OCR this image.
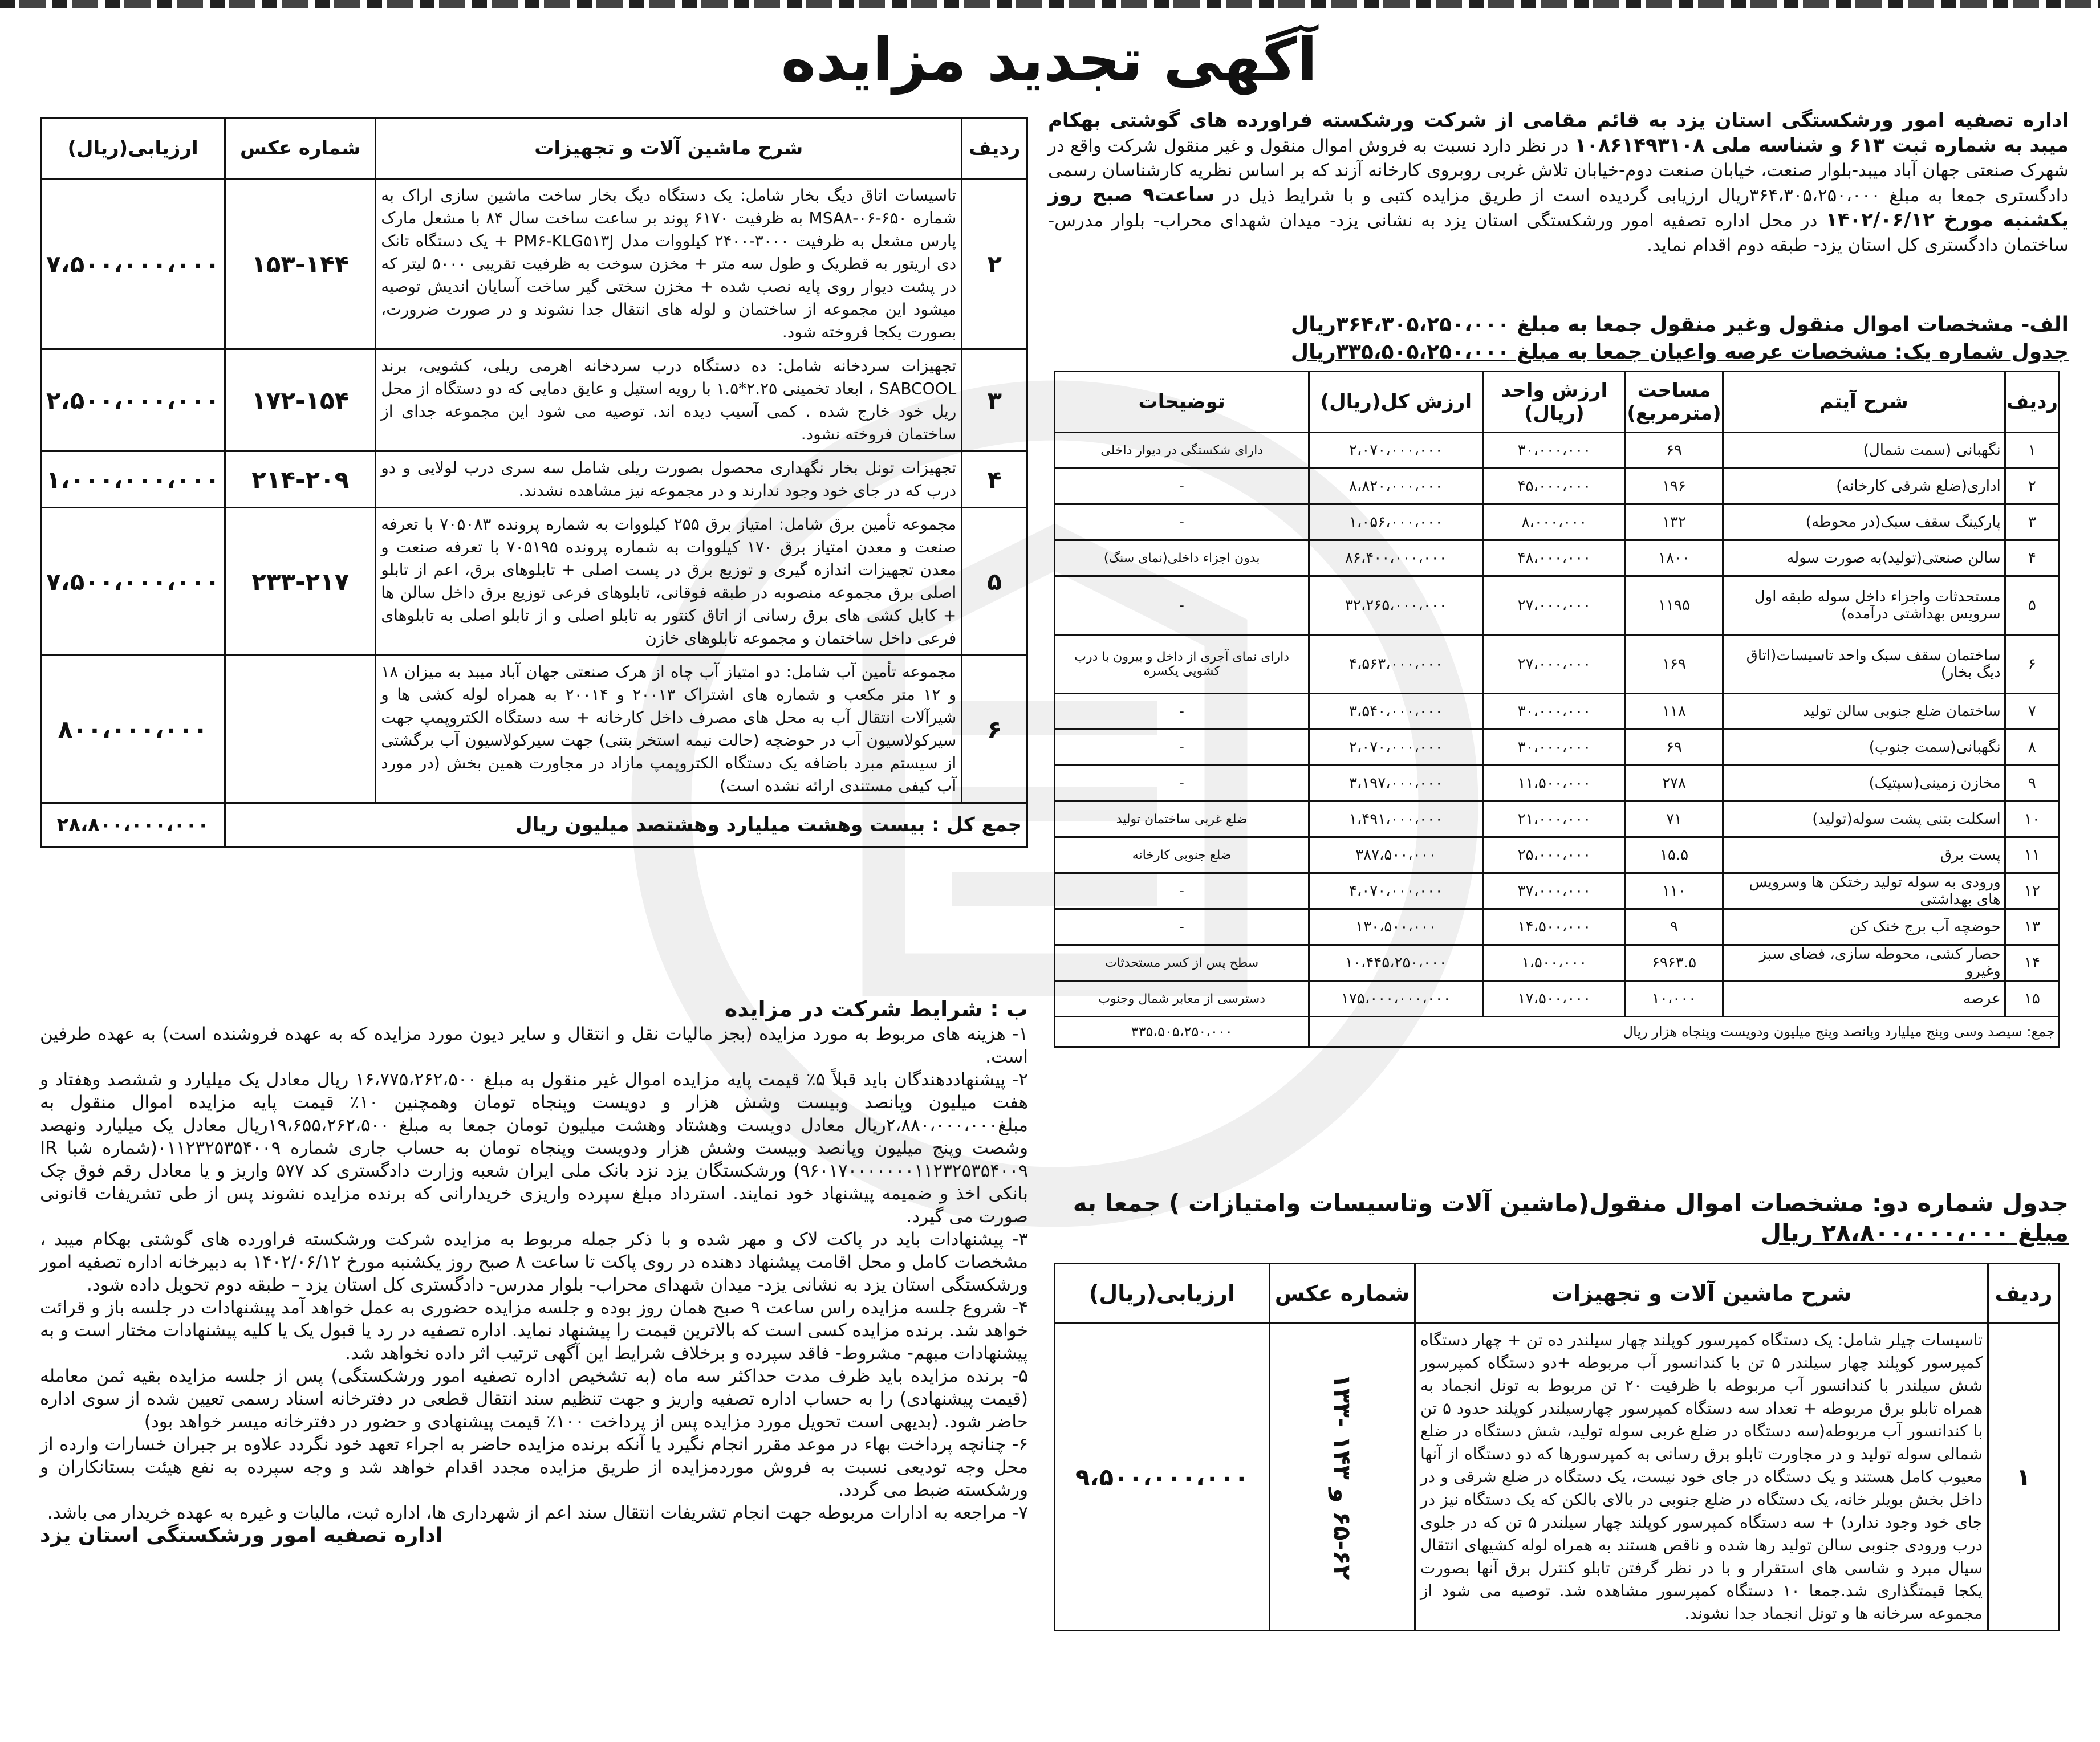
آگهی تجدید مزایده
اداره تصفیه امور ورشکستگی استان یزد به قائم مقامی از شرکت ورشکسته فراورده های گوشتی بهکام میبد به شماره ثبت ۶۱۳ و شناسه ملی ۱۰۸۶۱۴۹۳۱۰۸ در نظر دارد نسبت به فروش اموال منقول و غیر منقول شرکت واقع در شهرک صنعتی جهان آباد میبد-بلوار صنعت، خیابان صنعت دوم-خیابان تلاش غربی روبروی کارخانه آزند که بر اساس نظریه کارشناسان رسمی دادگستری جمعا به مبلغ ۳۶۴،۳۰۵،۲۵۰،۰۰۰ریال ارزیابی گردیده است از طریق مزایده کتبی و با شرایط ذیل در ساعت۹ صبح روز یکشنبه مورخ ۱۴۰۲/۰۶/۱۲ در محل اداره تصفیه امور ورشکستگی استان یزد به نشانی یزد- میدان شهدای محراب- بلوار مدرس- ساختمان دادگستری کل استان یزد- طبقه دوم اقدام نماید.
الف- مشخصات اموال منقول وغیر منقول جمعا به مبلغ ۳۶۴،۳۰۵،۲۵۰،۰۰۰ریال
جدول شماره یک: مشخصات عرصه واعیان جمعا به مبلغ ۳۳۵،۵۰۵،۲۵۰،۰۰۰ریال
ردیف	شرح آیتم	مساحت (مترمربع)	ارزش واحد (ریال)	ارزش کل(ریال)	توضیحات
۱	نگهبانی (سمت شمال)	۶۹	۳۰،۰۰۰،۰۰۰	۲،۰۷۰،۰۰۰،۰۰۰	دارای شکستگی در دیوار داخلی
۲	اداری(ضلع شرقی کارخانه)	۱۹۶	۴۵،۰۰۰،۰۰۰	۸،۸۲۰،۰۰۰،۰۰۰	-
۳	پارکینگ سقف سبک(در محوطه)	۱۳۲	۸،۰۰۰،۰۰۰	۱،۰۵۶،۰۰۰،۰۰۰	-
۴	سالن صنعتی(تولید)به صورت سوله	۱۸۰۰	۴۸،۰۰۰،۰۰۰	۸۶،۴۰۰،۰۰۰،۰۰۰	بدون اجزاء داخلی(نمای سنگ)
۵	مستحدثات واجزاء داخل سوله طبقه اول سرویس بهداشتی درآمده)	۱۱۹۵	۲۷،۰۰۰،۰۰۰	۳۲،۲۶۵،۰۰۰،۰۰۰	-
۶	ساختمان سقف سبک واحد تاسیسات(اتاق دیگ بخار)	۱۶۹	۲۷،۰۰۰،۰۰۰	۴،۵۶۳،۰۰۰،۰۰۰	دارای نمای آجری از داخل و بیرون با درب کشویی یکسره
۷	ساختمان ضلع جنوبی سالن تولید	۱۱۸	۳۰،۰۰۰،۰۰۰	۳،۵۴۰،۰۰۰،۰۰۰	-
۸	نگهبانی(سمت جنوب)	۶۹	۳۰،۰۰۰،۰۰۰	۲،۰۷۰،۰۰۰،۰۰۰	-
۹	مخازن زمینی(سپتیک)	۲۷۸	۱۱،۵۰۰،۰۰۰	۳،۱۹۷،۰۰۰،۰۰۰	-
۱۰	اسکلت بتنی پشت سوله(تولید)	۷۱	۲۱،۰۰۰،۰۰۰	۱،۴۹۱،۰۰۰،۰۰۰	ضلع غربی ساختمان تولید
۱۱	پست برق	۱۵.۵	۲۵،۰۰۰،۰۰۰	۳۸۷،۵۰۰،۰۰۰	ضلع جنوبی کارخانه
۱۲	ورودی به سوله تولید رختکن ها وسرویس های بهداشتی	۱۱۰	۳۷،۰۰۰،۰۰۰	۴،۰۷۰،۰۰۰،۰۰۰	-
۱۳	حوضچه آب برج خنک کن	۹	۱۴،۵۰۰،۰۰۰	۱۳۰،۵۰۰،۰۰۰	-
۱۴	حصار کشی، محوطه سازی، فضای سبز وغیرو	۶۹۶۳.۵	۱،۵۰۰،۰۰۰	۱۰،۴۴۵،۲۵۰،۰۰۰	سطح پس از کسر مستحدثات
۱۵	عرصه	۱۰،۰۰۰	۱۷،۵۰۰،۰۰۰	۱۷۵،۰۰۰،۰۰۰،۰۰۰	دسترسی از معابر شمال وجنوب
جمع: سیصد وسی وپنج میلیارد وپانصد وپنج میلیون ودویست وپنجاه هزار ریال					۳۳۵،۵۰۵،۲۵۰،۰۰۰
جدول شماره دو: مشخصات اموال منقول(ماشین آلات وتاسیسات وامتیازات ) جمعا به
مبلغ ۲۸،۸۰۰،۰۰۰،۰۰۰ ریال
ردیف	شرح ماشین آلات و تجهیزات	شماره عکس	ارزیابی(ریال)
۱	تاسیسات چیلر شامل: یک دستگاه کمپرسور کوپلند چهار سیلندر ده تن + چهار دستگاه کمپرسور کوپلند چهار سیلندر ۵ تن با کندانسور آب مربوطه +دو دستگاه کمپرسور شش سیلندر با کندانسور آب مربوطه با ظرفیت ۲۰ تن مربوط به تونل انجماد به همراه تابلو برق مربوطه + تعداد سه دستگاه کمپرسور چهارسیلندر کوپلند حدود ۵ تن با کندانسور آب مربوطه(سه دستگاه در ضلع غربی سوله تولید، شش دستگاه در ضلع شمالی سوله تولید و در مجاورت تابلو برق رسانی به کمپرسورها که دو دستگاه از آنها معیوب کامل هستند و یک دستگاه در جای خود نیست، یک دستگاه در ضلع شرقی و در داخل بخش بویلر خانه، یک دستگاه در ضلع جنوبی در بالای بالکن که یک دستگاه نیز در جای خود وجود ندارد) + سه دستگاه کمپرسور کوپلند چهار سیلندر ۵ تن که در جلوی درب ورودی جنوبی سالن تولید رها شده و ناقص هستند به همراه لوله کشیهای انتقال سیال مبرد و شاسی های استقرار و با در نظر گرفتن تابلو کنترل برق آنها بصورت یکجا قیمتگذاری شد.جمعا ۱۰ دستگاه کمپرسور مشاهده شد. توصیه می شود از مجموعه سرخانه ها و تونل انجماد جدا نشوند.	۶۵-۶۲ و ۱۴۳ -۱۳۳	۹،۵۰۰،۰۰۰،۰۰۰
ردیف	شرح ماشین آلات و تجهیزات	شماره عکس	ارزیابی(ریال)
۲	تاسیسات اتاق دیگ بخار شامل: یک دستگاه دیگ بخار ساخت ماشین سازی اراک به شماره ۶۵۰-۰۶-MSA۸ به ظرفیت ۶۱۷۰ پوند بر ساعت ساخت سال ۸۴ با مشعل مارک پارس مشعل به ظرفیت ۳۰۰۰-۲۴۰۰ کیلووات مدل PM۶-KLG۵۱۳J + یک دستگاه تانک دی اریتور به قطریک و طول سه متر + مخزن سوخت به ظرفیت تقریبی ۵۰۰۰ لیتر که در پشت دیوار روی پایه نصب شده + مخزن سختی گیر ساخت آسایان اندیش توصیه میشود این مجموعه از ساختمان و لوله های انتقال جدا نشوند و در صورت ضرورت، بصورت یکجا فروخته شود.	۱۵۳-۱۴۴	۷،۵۰۰،۰۰۰،۰۰۰
۳	تجهیزات سردخانه شامل: ده دستگاه درب سردخانه اهرمی ریلی، کشویی، برند SABCOOL ، ابعاد تخمینی ۲.۲۵*۱.۵ با رویه استیل و عایق دمایی که دو دستگاه از محل ریل خود خارج شده . کمی آسیب دیده اند. توصیه می شود این مجموعه جدای از ساختمان فروخته نشود.	۱۷۲-۱۵۴	۲،۵۰۰،۰۰۰،۰۰۰
۴	تجهیزات تونل بخار نگهداری محصول بصورت ریلی شامل سه سری درب لولایی و دو درب که در جای خود وجود ندارند و در مجموعه نیز مشاهده نشدند.	۲۱۴-۲۰۹	۱،۰۰۰،۰۰۰،۰۰۰
۵	مجموعه تأمین برق شامل: امتیاز برق ۲۵۵ کیلووات به شماره پرونده ۷۰۵۰۸۳ با تعرفه صنعت و معدن امتیاز برق ۱۷۰ کیلووات به شماره پرونده ۷۰۵۱۹۵ با تعرفه صنعت و معدن تجهیزات اندازه گیری و توزیع برق در پست اصلی + تابلوهای برق، اعم از تابلو اصلی برق مجموعه منصوبه در طبقه فوقانی، تابلوهای فرعی توزیع برق داخل سالن ها + کابل کشی های برق رسانی از اتاق کنتور به تابلو اصلی و از تابلو اصلی به تابلوهای فرعی داخل ساختمان و مجموعه تابلوهای خازن	۲۳۳-۲۱۷	۷،۵۰۰،۰۰۰،۰۰۰
۶	مجموعه تأمین آب شامل: دو امتیاز آب چاه از هرک صنعتی جهان آباد میبد به میزان ۱۸ و ۱۲ متر مکعب و شماره های اشتراک ۲۰۰۱۳ و ۲۰۰۱۴ به همراه لوله کشی ها و شیرآلات انتقال آب به محل های مصرف داخل کارخانه + سه دستگاه الکتروپمپ جهت سیرکولاسیون آب در حوضچه (حالت نیمه استخر بتنی) جهت سیرکولاسیون آب برگشتی از سیستم مبرد باضافه یک دستگاه الکتروپمپ مازاد در مجاورت همین بخش (در مورد آب کیفی مستندی ارائه نشده است)		۸۰۰،۰۰۰،۰۰۰
جمع کل : بیست وهشت میلیارد وهشتصد میلیون ریال			۲۸،۸۰۰،۰۰۰،۰۰۰
ب : شرایط شرکت در مزایده

۱- هزینه های مربوط به مورد مزایده (بجز مالیات نقل و انتقال و سایر دیون مورد مزایده که به عهده فروشنده است) به عهده طرفین است.

۲- پیشنهاددهندگان باید قبلاً ۵٪ قیمت پایه مزایده اموال غیر منقول به مبلغ ۱۶،۷۷۵،۲۶۲،۵۰۰ ریال معادل یک میلیارد و ششصد وهفتاد و هفت میلیون وپانصد وبیست وشش هزار و دویست وپنجاه تومان وهمچنین ۱۰٪ قیمت پایه مزایده اموال منقول به مبلغ۲،۸۸۰،۰۰۰،۰۰۰ریال معادل دویست وهشتاد وهشت میلیون تومان جمعا به مبلغ ۱۹،۶۵۵،۲۶۲،۵۰۰ریال معادل یک میلیارد ونهصد وشصت وپنج میلیون وپانصد وبیست وشش هزار ودویست وپنجاه تومان به حساب جاری شماره ۰۱۱۲۳۲۵۳۵۴۰۰۹(شماره شبا IR ۹۶۰۱۷۰۰۰۰۰۰۰۱۱۲۳۲۵۳۵۴۰۰۹) ورشکستگان یزد نزد بانک ملی ایران شعبه وزارت دادگستری کد ۵۷۷ واریز و یا معادل رقم فوق چک بانکی اخذ و ضمیمه پیشنهاد خود نمایند. استرداد مبلغ سپرده واریزی خریدارانی که برنده مزایده نشوند پس از طی تشریفات قانونی صورت می گیرد.

۳- پیشنهادات باید در پاکت لاک و مهر شده و با ذکر جمله مربوط به مزایده شرکت ورشکسته فراورده های گوشتی بهکام میبد ، مشخصات کامل و محل اقامت پیشنهاد دهنده در روی پاکت تا ساعت ۸ صبح روز یکشنبه مورخ ۱۴۰۲/۰۶/۱۲ به دبیرخانه اداره تصفیه امور ورشکستگی استان یزد به نشانی یزد- میدان شهدای محراب- بلوار مدرس- دادگستری کل استان یزد – طبقه دوم تحویل داده شود.

۴- شروع جلسه مزایده راس ساعت ۹ صبح همان روز بوده و جلسه مزایده حضوری به عمل خواهد آمد پیشنهادات در جلسه باز و قرائت خواهد شد. برنده مزایده کسی است که بالاترین قیمت را پیشنهاد نماید. اداره تصفیه در رد یا قبول یک یا کلیه پیشنهادات مختار است و به پیشنهادات مبهم- مشروط- فاقد سپرده و برخلاف شرایط این آگهی ترتیب اثر داده نخواهد شد.

۵- برنده مزایده باید ظرف مدت حداکثر سه ماه (به تشخیص اداره تصفیه امور ورشکستگی) پس از جلسه مزایده بقیه ثمن معامله (قیمت پیشنهادی) را به حساب اداره تصفیه واریز و جهت تنظیم سند انتقال قطعی در دفترخانه اسناد رسمی تعیین شده از سوی اداره حاضر شود. (بدیهی است تحویل مورد مزایده پس از پرداخت ۱۰۰٪ قیمت پیشنهادی و حضور در دفترخانه میسر خواهد بود)

۶- چنانچه پرداخت بهاء در موعد مقرر انجام نگیرد یا آنکه برنده مزایده حاضر به اجراء تعهد خود نگردد علاوه بر جبران خسارات وارده از محل وجه تودیعی نسبت به فروش موردمزایده از طریق مزایده مجدد اقدام خواهد شد و وجه سپرده به نفع هیئت بستانکاران و ورشکسته ضبط می گردد.

۷- مراجعه به ادارات مربوطه جهت انجام تشریفات انتقال سند اعم از شهرداری ها، اداره ثبت، مالیات و غیره به عهده خریدار می باشد.

اداره تصفیه امور ورشکستگی استان یزد
